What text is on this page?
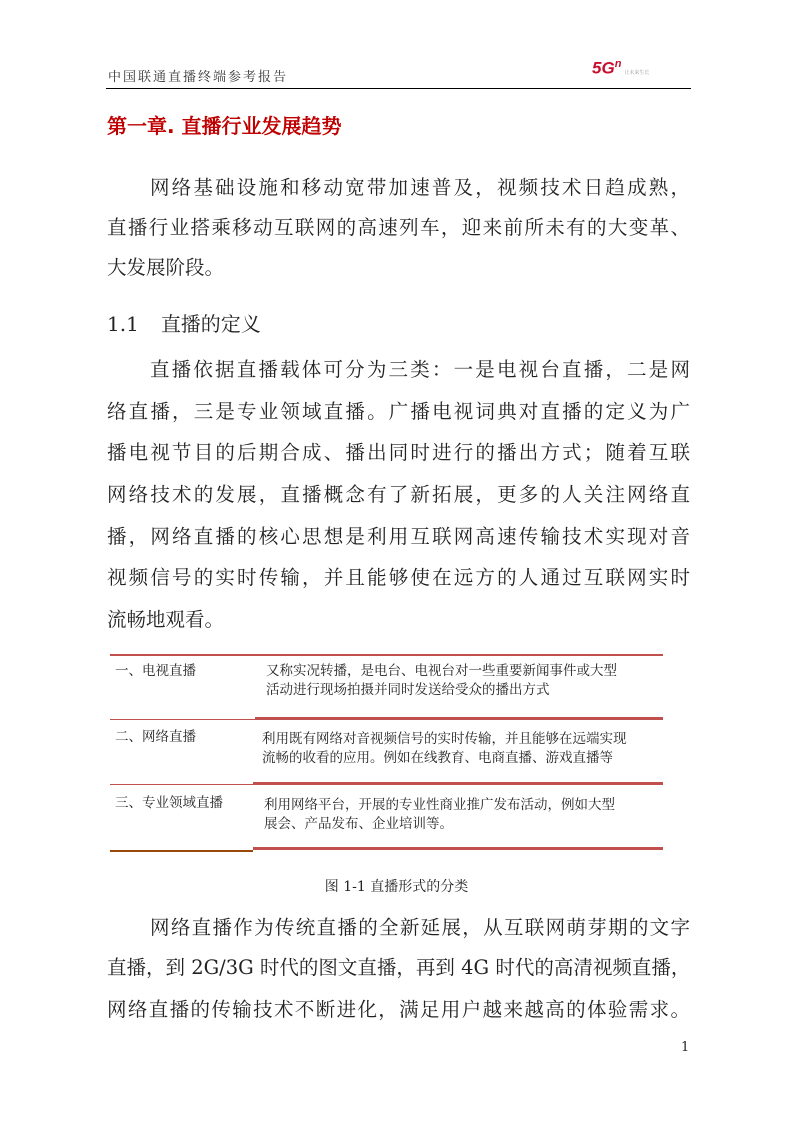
中国联通直播终端参考报告	$5G^n$让未来生长
第一章. 直播行业发展趋势
网络基础设施和移动宽带加速普及，视频技术日趋成熟，
直播行业搭乘移动互联网的高速列车，迎来前所未有的大变革、
大发展阶段。
1.1 直播的定义
直播依据直播载体可分为三类：一是电视台直播，二是网
络直播，三是专业领域直播。广播电视词典对直播的定义为广
播电视节目的后期合成、播出同时进行的播出方式；随着互联
网络技术的发展，直播概念有了新拓展，更多的人关注网络直
播，网络直播的核心思想是利用互联网高速传输技术实现对音
视频信号的实时传输，并且能够使在远方的人通过互联网实时
流畅地观看。
一、电视直播	又称实况转播，是电台、电视台对一些重要新闻事件或大型
活动进行现场拍摄并同时发送给受众的播出方式
二、网络直播	利用既有网络对音视频信号的实时传输，并且能够在远端实现
流畅的收看的应用。例如在线教育、电商直播、游戏直播等
三、专业领域直播	利用网络平台，开展的专业性商业推广发布活动，例如大型
展会、产品发布、企业培训等。
图 1-1 直播形式的分类
网络直播作为传统直播的全新延展，从互联网萌芽期的文字
直播，到 2G/3G 时代的图文直播，再到 4G 时代的高清视频直播，
网络直播的传输技术不断进化，满足用户越来越高的体验需求。
1
